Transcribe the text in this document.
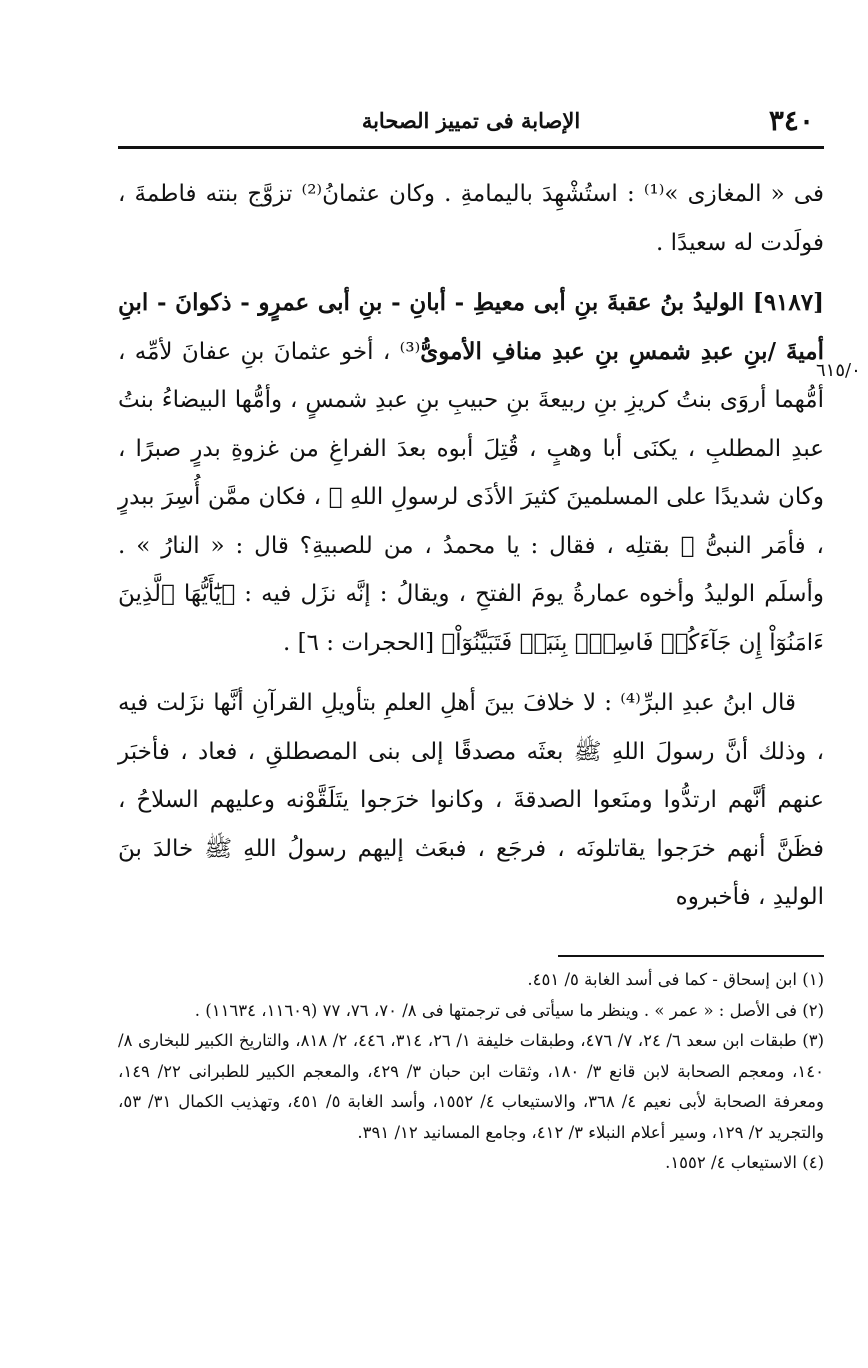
٣٤٠
الإصابة فى تمييز الصحابة
٦١٥/٠

فى « المغازى »⁽¹⁾ : استُشْهِدَ باليمامةِ . وكان عثمانُ⁽²⁾ تزوَّج بنته فاطمةَ ، فولَدت له سعيدًا .

[٩١٨٧] الوليدُ بنُ عقبةَ بنِ أبى معيطِ - أبانِ - بنِ أبى عمرٍو - ذكوانَ - ابنِ أميةَ /بنِ عبدِ شمسِ بنِ عبدِ منافِ الأموىُّ⁽³⁾ ، أخو عثمانَ بنِ عفانَ لأمِّه ، أمُّهما أروَى بنتُ كريزِ بنِ ربيعةَ بنِ حبيبِ بنِ عبدِ شمسٍ ، وأمُّها البيضاءُ بنتُ عبدِ المطلبِ ، يكنَى أبا وهبٍ ، قُتِلَ أبوه بعدَ الفراغِ من غزوةِ بدرٍ صبرًا ، وكان شديدًا على المسلمينَ كثيرَ الأذَى لرسولِ اللهِ ﷺ ، فكان ممَّن أُسِرَ ببدرٍ ، فأمَر النبىُّ ﷺ بقتلِه ، فقال : يا محمدُ ، من للصبيةِ؟ قال : « النارُ » . وأسلَم الوليدُ وأخوه عمارةُ يومَ الفتحِ ، ويقالُ : إنَّه نزَل فيه : ﴿يَٰٓأَيُّهَا ٱلَّذِينَ ءَامَنُوٓاْ إِن جَآءَكُمۡ فَاسِقُۢ بِنَبَإٖ فَتَبَيَّنُوٓاْ﴾ [الحجرات : ٦] .

قال ابنُ عبدِ البرِّ⁽⁴⁾ : لا خلافَ بينَ أهلِ العلمِ بتأويلِ القرآنِ أنَّها نزَلت فيه ، وذلك أنَّ رسولَ اللهِ ﷺ بعثَه مصدقًا إلى بنى المصطلقِ ، فعاد ، فأخبَر عنهم أنَّهم ارتدُّوا ومنَعوا الصدقةَ ، وكانوا خرَجوا يتَلَقَّوْنه وعليهم السلاحُ ، فظَنَّ أنهم خرَجوا يقاتلونَه ، فرجَع ، فبعَث إليهم رسولُ اللهِ ﷺ خالدَ بنَ الوليدِ ، فأخبروه

(١) ابن إسحاق - كما فى أسد الغابة ٥/ ٤٥١.

(٢) فى الأصل : « عمر » . وينظر ما سيأتى فى ترجمتها فى ٨/ ٧٠، ٧٦، ٧٧ (١١٦٠٩، ١١٦٣٤) .

(٣) طبقات ابن سعد ٦/ ٢٤، ٧/ ٤٧٦، وطبقات خليفة ١/ ٢٦، ٣١٤، ٤٤٦، ٢/ ٨١٨، والتاريخ الكبير للبخارى ٨/ ١٤٠، ومعجم الصحابة لابن قانع ٣/ ١٨٠، وثقات ابن حبان ٣/ ٤٢٩، والمعجم الكبير للطبرانى ٢٢/ ١٤٩، ومعرفة الصحابة لأبى نعيم ٤/ ٣٦٨، والاستيعاب ٤/ ١٥٥٢، وأسد الغابة ٥/ ٤٥١، وتهذيب الكمال ٣١/ ٥٣، والتجريد ٢/ ١٢٩، وسير أعلام النبلاء ٣/ ٤١٢، وجامع المسانيد ١٢/ ٣٩١.

(٤) الاستيعاب ٤/ ١٥٥٢.
